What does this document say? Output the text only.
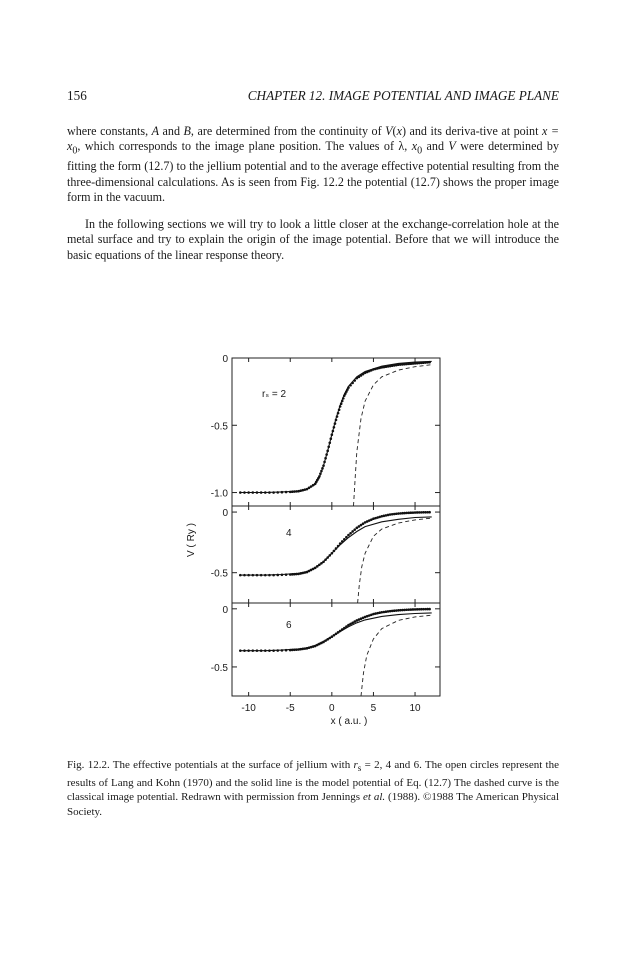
156	CHAPTER 12. IMAGE POTENTIAL AND IMAGE PLANE

where constants, A and B, are determined from the continuity of V(x) and its deriva-tive at point $x = x_0$, which corresponds to the image plane position. The values of λ, $x_0$ and V were determined by fitting the form (12.7) to the jellium potential and to the average effective potential resulting from the three-dimensional calculations. As is seen from Fig. 12.2 the potential (12.7) shows the proper image form in the vacuum.

In the following sections we will try to look a little closer at the exchange-correlation hole at the metal surface and try to explain the origin of the image potential. Before that we will introduce the basic equations of the linear response theory.

0
-0.5
-1.0
0
-0.5
0
-0.5
-10	-5	0	5	10
V ( Ry )
x ( a.u. )
rₛ = 2
4
6

Fig. 12.2. The effective potentials at the surface of jellium with $r_s = 2$, 4 and 6. The open circles represent the results of Lang and Kohn (1970) and the solid line is the model potential of Eq. (12.7) The dashed curve is the classical image potential. Redrawn with permission from Jennings et al. (1988). ©1988 The American Physical Society.
